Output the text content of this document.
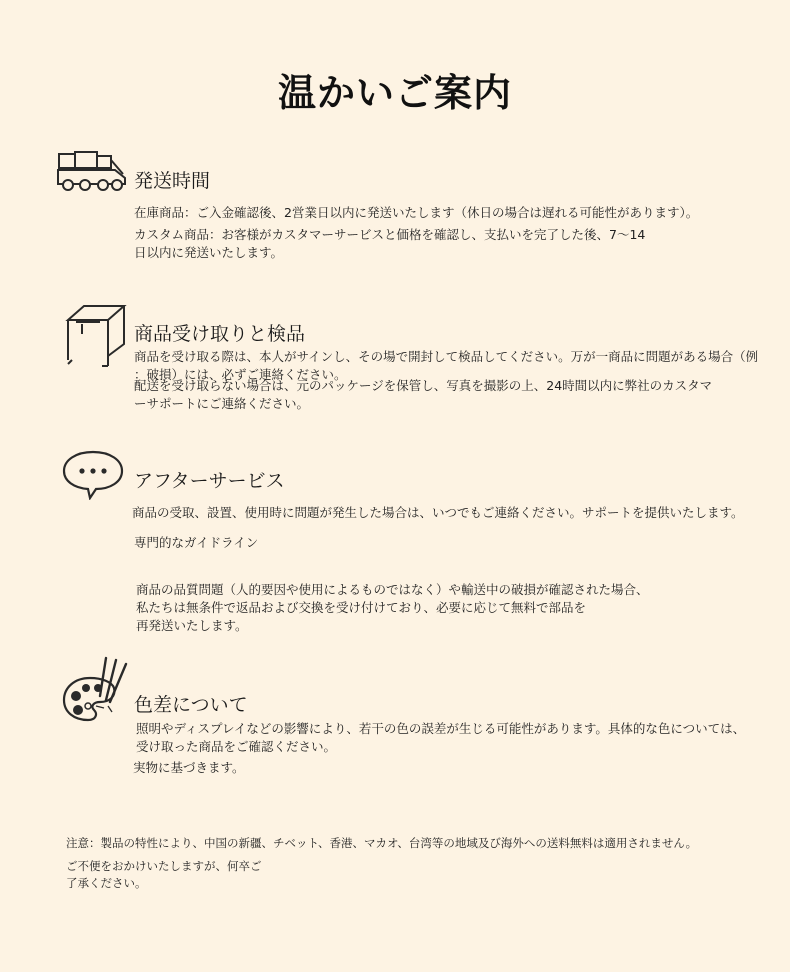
温かいご案内
発送時間
在庫商品：ご入金確認後、2営業日以内に発送いたします（休日の場合は遅れる可能性があります）。
カスタム商品：お客様がカスタマーサービスと価格を確認し、支払いを完了した後、7〜14
日以内に発送いたします。
商品受け取りと検品
商品を受け取る際は、本人がサインし、その場で開封して検品してください。万が一商品に問題がある場合（例
：破損）には、必ずご連絡ください。
配送を受け取らない場合は、元のパッケージを保管し、写真を撮影の上、24時間以内に弊社のカスタマ
ーサポートにご連絡ください。
アフターサービス
商品の受取、設置、使用時に問題が発生した場合は、いつでもご連絡ください。サポートを提供いたします。
専門的なガイドライン
商品の品質問題（人的要因や使用によるものではなく）や輸送中の破損が確認された場合、
私たちは無条件で返品および交換を受け付けており、必要に応じて無料で部品を
再発送いたします。
色差について
照明やディスプレイなどの影響により、若干の色の誤差が生じる可能性があります。具体的な色については、
受け取った商品をご確認ください。
実物に基づきます。
注意：製品の特性により、中国の新疆、チベット、香港、マカオ、台湾等の地域及び海外への送料無料は適用されません。
ご不便をおかけいたしますが、何卒ご
了承ください。
